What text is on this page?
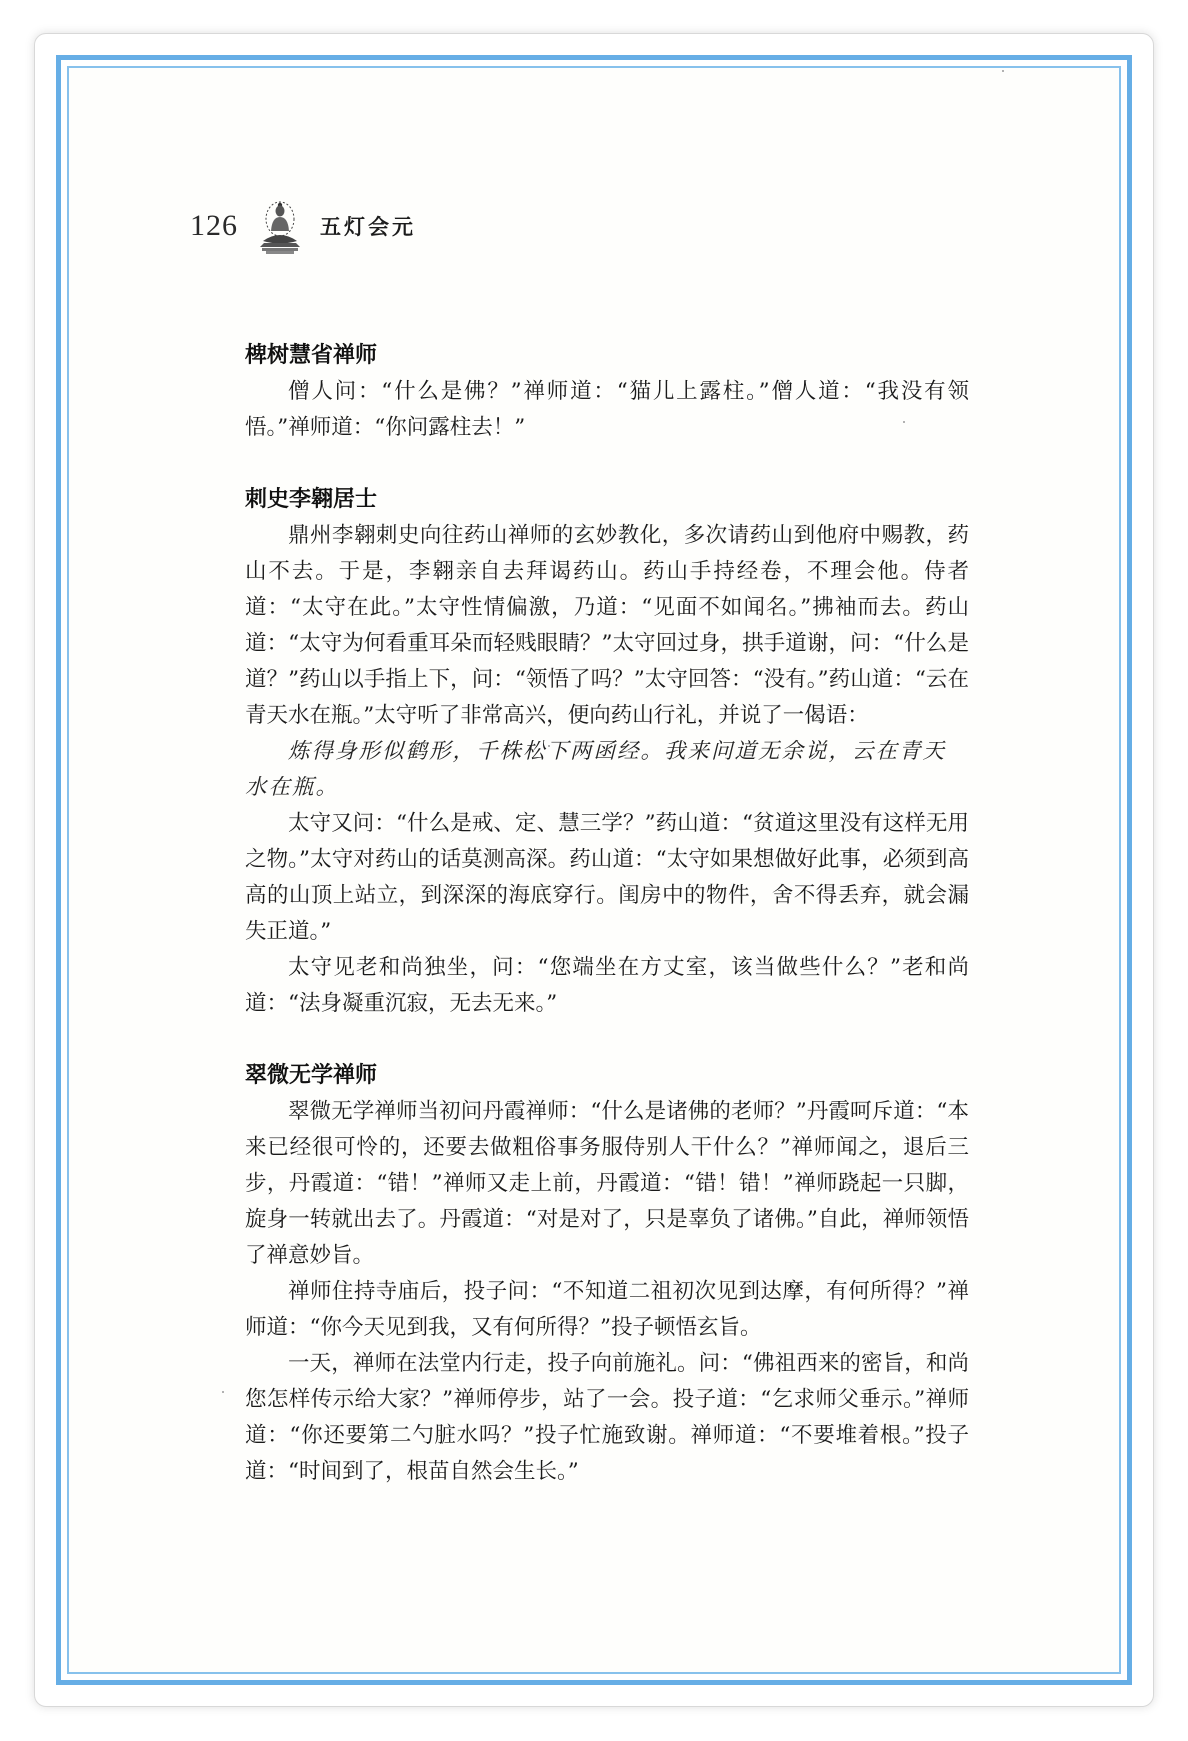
126	五灯会元
椑树慧省禅师

僧人问：“什么是佛？”禅师道：“猫儿上露柱。”僧人道：“我没有领悟。”禅师道：“你问露柱去！”

刺史李翱居士

鼎州李翱刺史向往药山禅师的玄妙教化，多次请药山到他府中赐教，药山不去。于是，李翱亲自去拜谒药山。药山手持经卷，不理会他。侍者道：“太守在此。”太守性情偏激，乃道：“见面不如闻名。”拂袖而去。药山道：“太守为何看重耳朵而轻贱眼睛？”太守回过身，拱手道谢，问：“什么是道？”药山以手指上下，问：“领悟了吗？”太守回答：“没有。”药山道：“云在青天水在瓶。”太守听了非常高兴，便向药山行礼，并说了一偈语：

炼得身形似鹤形，千株松下两函经。我来问道无余说，云在青天水在瓶。

太守又问：“什么是戒、定、慧三学？”药山道：“贫道这里没有这样无用之物。”太守对药山的话莫测高深。药山道：“太守如果想做好此事，必须到高高的山顶上站立，到深深的海底穿行。闺房中的物件，舍不得丢弃，就会漏失正道。”

太守见老和尚独坐，问：“您端坐在方丈室，该当做些什么？”老和尚道：“法身凝重沉寂，无去无来。”

翠微无学禅师

翠微无学禅师当初问丹霞禅师：“什么是诸佛的老师？”丹霞呵斥道：“本来已经很可怜的，还要去做粗俗事务服侍别人干什么？”禅师闻之，退后三步，丹霞道：“错！”禅师又走上前，丹霞道：“错！错！”禅师跷起一只脚，旋身一转就出去了。丹霞道：“对是对了，只是辜负了诸佛。”自此，禅师领悟了禅意妙旨。

禅师住持寺庙后，投子问：“不知道二祖初次见到达摩，有何所得？”禅师道：“你今天见到我，又有何所得？”投子顿悟玄旨。

一天，禅师在法堂内行走，投子向前施礼。问：“佛祖西来的密旨，和尚您怎样传示给大家？”禅师停步，站了一会。投子道：“乞求师父垂示。”禅师道：“你还要第二勺脏水吗？”投子忙施致谢。禅师道：“不要堆着根。”投子道：“时间到了，根苗自然会生长。”
